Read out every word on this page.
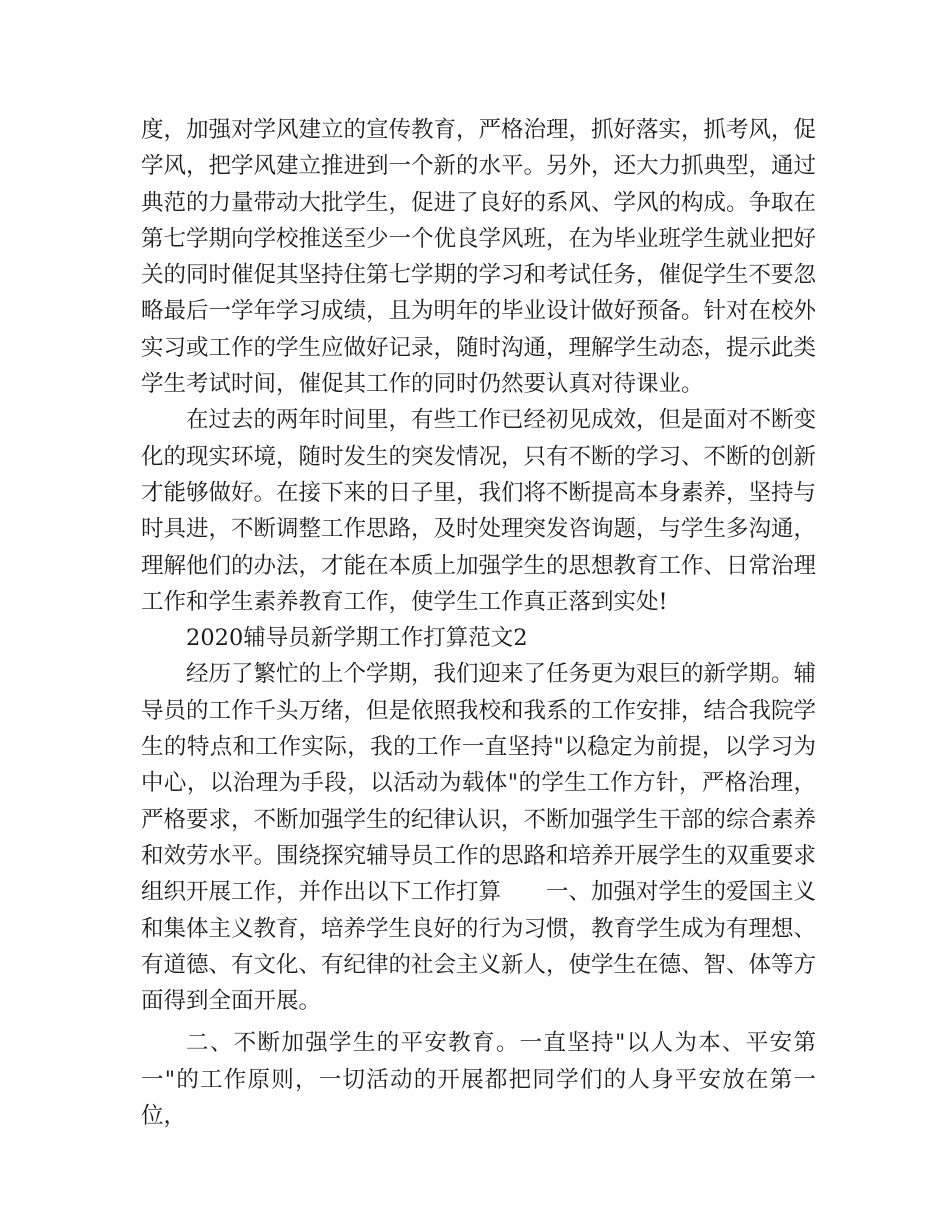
度，加强对学风建立的宣传教育，严格治理，抓好落实，抓考风，促学风，把学风建立推进到一个新的水平。另外，还大力抓典型，通过典范的力量带动大批学生，促进了良好的系风、学风的构成。争取在第七学期向学校推送至少一个优良学风班，在为毕业班学生就业把好关的同时催促其坚持住第七学期的学习和考试任务，催促学生不要忽略最后一学年学习成绩，且为明年的毕业设计做好预备。针对在校外实习或工作的学生应做好记录，随时沟通，理解学生动态，提示此类学生考试时间，催促其工作的同时仍然要认真对待课业。

在过去的两年时间里，有些工作已经初见成效，但是面对不断变化的现实环境，随时发生的突发情况，只有不断的学习、不断的创新才能够做好。在接下来的日子里，我们将不断提高本身素养，坚持与时具进，不断调整工作思路，及时处理突发咨询题，与学生多沟通，理解他们的办法，才能在本质上加强学生的思想教育工作、日常治理工作和学生素养教育工作，使学生工作真正落到实处!

2020辅导员新学期工作打算范文2

经历了繁忙的上个学期，我们迎来了任务更为艰巨的新学期。辅导员的工作千头万绪，但是依照我校和我系的工作安排，结合我院学生的特点和工作实际，我的工作一直坚持"以稳定为前提，以学习为中心，以治理为手段，以活动为载体"的学生工作方针，严格治理，严格要求，不断加强学生的纪律认识，不断加强学生干部的综合素养和效劳水平。围绕探究辅导员工作的思路和培养开展学生的双重要求组织开展工作，并作出以下工作打算　　一、加强对学生的爱国主义和集体主义教育，培养学生良好的行为习惯，教育学生成为有理想、有道德、有文化、有纪律的社会主义新人，使学生在德、智、体等方面得到全面开展。

二、不断加强学生的平安教育。一直坚持"以人为本、平安第一"的工作原则，一切活动的开展都把同学们的人身平安放在第一位，
